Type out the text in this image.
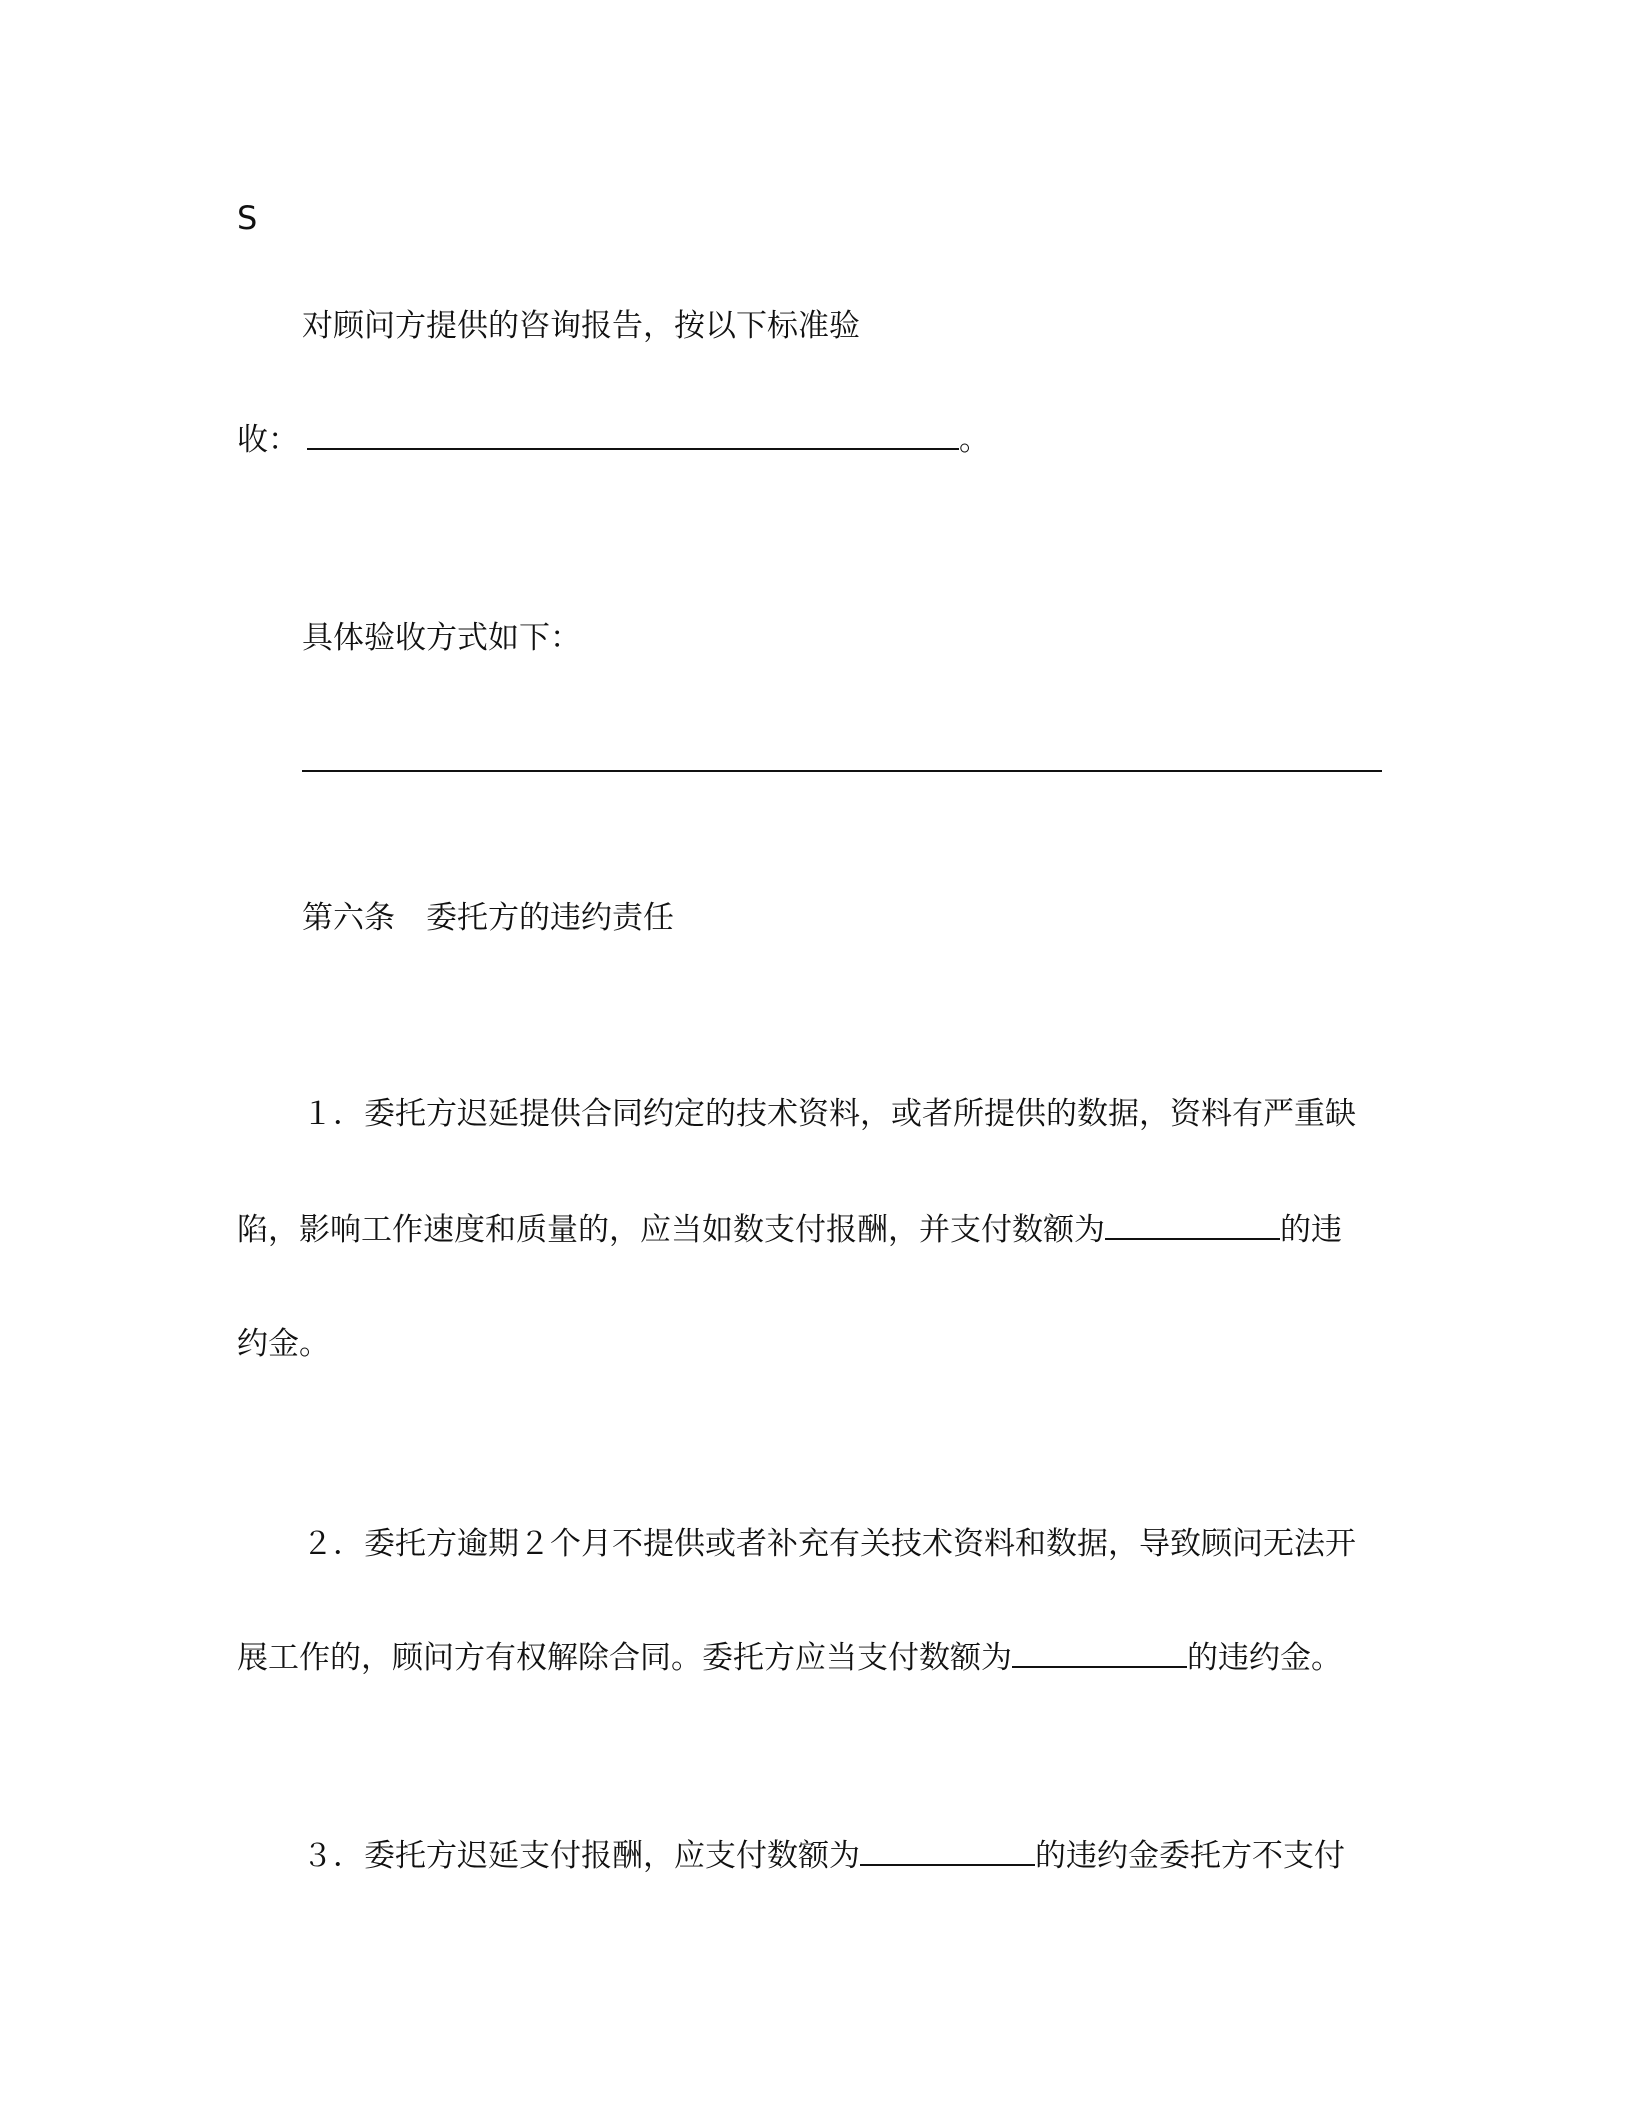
S
对顾问方提供的咨询报告，按以下标准验
收：	。
具体验收方式如下：
第六条　委托方的违约责任
１．委托方迟延提供合同约定的技术资料，或者所提供的数据，资料有严重缺
陷，影响工作速度和质量的，应当如数支付报酬，并支付数额为	的违
约金。
２．委托方逾期２个月不提供或者补充有关技术资料和数据，导致顾问无法开
展工作的，顾问方有权解除合同。委托方应当支付数额为	的违约金。
３．委托方迟延支付报酬，应支付数额为	的违约金委托方不支付
